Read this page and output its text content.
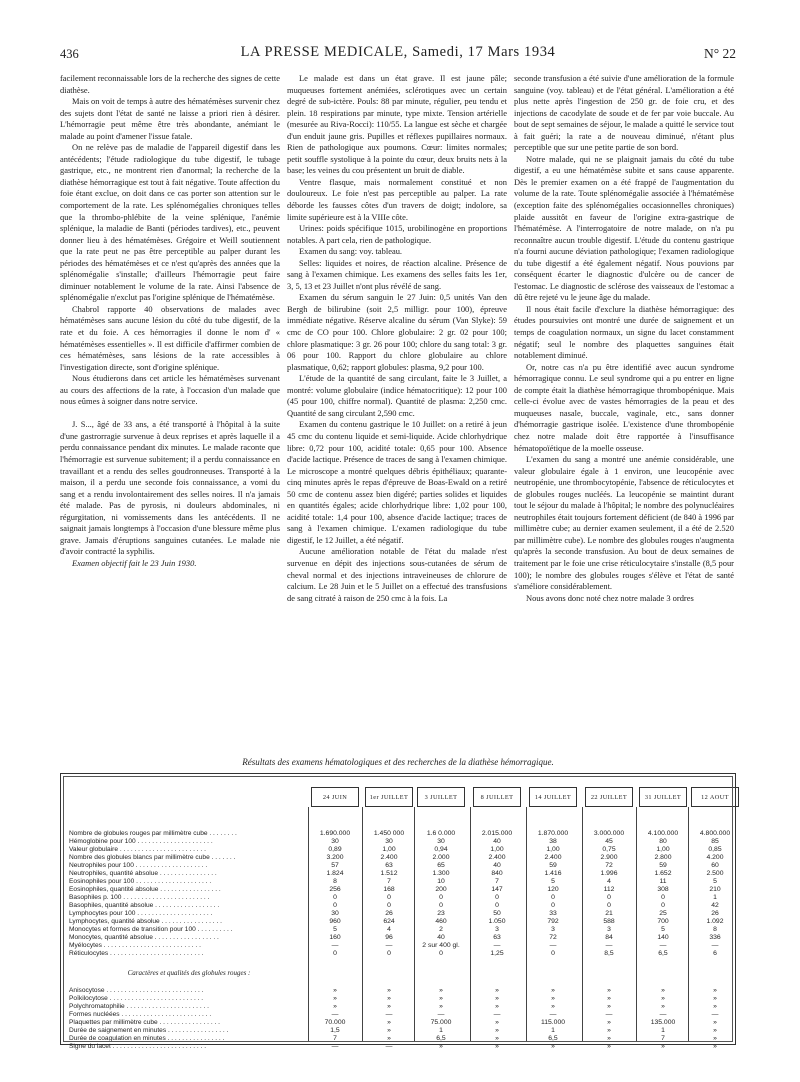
436	LA PRESSE MEDICALE, Samedi, 17 Mars 1934	N° 22

facilement reconnaissable lors de la recherche des signes de cette diathèse.

Mais on voit de temps à autre des hématémèses survenir chez des sujets dont l'état de santé ne laisse a priori rien à désirer. L'hémorragie peut même être très abondante, anémiant le malade au point d'amener l'issue fatale.

On ne relève pas de maladie de l'appareil digestif dans les antécédents; l'étude radiologique du tube digestif, le tubage gastrique, etc., ne montrent rien d'anormal; la recherche de la diathèse hémorragique est tout à fait négative. Toute affection du foie étant exclue, on doit dans ce cas porter son attention sur le comportement de la rate. Les splénomégalies chroniques telles que la thrombo-phlébite de la veine splénique, l'anémie splénique, la maladie de Banti (périodes tardives), etc., peuvent donner lieu à des hématémèses. Grégoire et Weill soutiennent que la rate peut ne pas être perceptible au palper durant les périodes des hématémèses et ce n'est qu'après des années que la splénomégalie s'installe; d'ailleurs l'hémorragie peut faire diminuer notablement le volume de la rate. Ainsi l'absence de splénomégalie n'exclut pas l'origine splénique de l'hématémèse.

Chabrol rapporte 40 observations de malades avec hématémèses sans aucune lésion du côté du tube digestif, de la rate et du foie. A ces hémorragies il donne le nom d' « hématémèses essentielles ». Il est difficile d'affirmer combien de ces hématémèses, sans lésions de la rate accessibles à l'investigation directe, sont d'origine splénique.

Nous étudierons dans cet article les hématémèses survenant au cours des affections de la rate, à l'occasion d'un malade que nous eûmes à soigner dans notre service.

J. S..., âgé de 33 ans, a été transporté à l'hôpital à la suite d'une gastrorragie survenue à deux reprises et après laquelle il a perdu connaissance pendant dix minutes. Le malade raconte que l'hémorragie est survenue subitement; il a perdu connaissance en travaillant et a rendu des selles goudronneuses. Transporté à la maison, il a perdu une seconde fois connaissance, a vomi du sang et a rendu involontairement des selles noires. Il n'a jamais été malade. Pas de pyrosis, ni douleurs abdominales, ni régurgitation, ni vomissements dans les antécédents. Il ne saignait jamais longtemps à l'occasion d'une blessure même plus grave. Jamais d'éruptions sanguines cutanées. Le malade nie d'avoir contracté la syphilis.

Examen objectif fait le 23 Juin 1930.

Le malade est dans un état grave. Il est jaune pâle; muqueuses fortement anémiées, sclérotiques avec un certain degré de sub-ictère. Pouls: 88 par minute, régulier, peu tendu et plein. 18 respirations par minute, type mixte. Tension artérielle (mesurée au Riva-Rocci): 110/55. La langue est sèche et chargée d'un enduit jaune gris. Pupilles et réflexes pupillaires normaux. Rien de pathologique aux poumons. Cœur: limites normales; petit souffle systolique à la pointe du cœur, deux bruits nets à la base; les veines du cou présentent un bruit de diable.

Ventre flasque, mais normalement constitué et non douloureux. Le foie n'est pas perceptible au palper. La rate déborde les fausses côtes d'un travers de doigt; indolore, sa limite supérieure est à la VIIIe côte.

Urines: poids spécifique 1015, urobilinogène en proportions notables. A part cela, rien de pathologique.

Examen du sang: voy. tableau.

Selles: liquides et noires, de réaction alcaline. Présence de sang à l'examen chimique. Les examens des selles faits les 1er, 3, 5, 13 et 23 Juillet n'ont plus révélé de sang.

Examen du sérum sanguin le 27 Juin: 0,5 unités Van den Bergh de bilirubine (soit 2,5 milligr. pour 100), épreuve immédiate négative. Réserve alcaline du sérum (Van Slyke): 59 cmc de CO pour 100. Chlore globulaire: 2 gr. 02 pour 100; chlore plasmatique: 3 gr. 26 pour 100; chlore du sang total: 3 gr. 06 pour 100. Rapport du chlore globulaire au chlore plasmatique, 0,62; rapport globules: plasma, 9,2 pour 100.

L'étude de la quantité de sang circulant, faite le 3 Juillet, a montré: volume globulaire (indice hématocritique): 12 pour 100 (45 pour 100, chiffre normal). Quantité de plasma: 2,250 cmc. Quantité de sang circulant 2,590 cmc.

Examen du contenu gastrique le 10 Juillet: on a retiré à jeun 45 cmc du contenu liquide et semi-liquide. Acide chlorhydrique libre: 0,72 pour 100, acidité totale: 0,65 pour 100. Absence d'acide lactique. Présence de traces de sang à l'examen chimique. Le microscope a montré quelques débris épithéliaux; quarante-cinq minutes après le repas d'épreuve de Boas-Ewald on a retiré 50 cmc de contenu assez bien digéré; parties solides et liquides en quantités égales; acide chlorhydrique libre: 1,02 pour 100, acidité totale: 1,4 pour 100, absence d'acide lactique; traces de sang à l'examen chimique. L'examen radiologique du tube digestif, le 12 Juillet, a été négatif.

Aucune amélioration notable de l'état du malade n'est survenue en dépit des injections sous-cutanées de sérum de cheval normal et des injections intraveineuses de chlorure de calcium. Le 28 Juin et le 5 Juillet on a effectué des transfusions de sang citraté à raison de 250 cmc à la fois. La

seconde transfusion a été suivie d'une amélioration de la formule sanguine (voy. tableau) et de l'état général. L'amélioration a été plus nette après l'ingestion de 250 gr. de foie cru, et des injections de cacodylate de soude et de fer par voie buccale. Au bout de sept semaines de séjour, le malade a quitté le service tout à fait guéri; la rate a de nouveau diminué, n'étant plus perceptible que sur une petite partie de son bord.

Notre malade, qui ne se plaignait jamais du côté du tube digestif, a eu une hématémèse subite et sans cause apparente. Dès le premier examen on a été frappé de l'augmentation du volume de la rate. Toute splénomégalie associée à l'hématémèse (exception faite des splénomégalies occasionnelles chroniques) plaide aussitôt en faveur de l'origine extra-gastrique de l'hématémèse. A l'interrogatoire de notre malade, on n'a pu reconnaître aucun trouble digestif. L'étude du contenu gastrique n'a fourni aucune déviation pathologique; l'examen radiologique du tube digestif a été également négatif. Nous pouvions par conséquent écarter le diagnostic d'ulcère ou de cancer de l'estomac. Le diagnostic de sclérose des vaisseaux de l'estomac a dû être rejeté vu le jeune âge du malade.

Il nous était facile d'exclure la diathèse hémorragique: des études poursuivies ont montré une durée de saignement et un temps de coagulation normaux, un signe du lacet constamment négatif; seul le nombre des plaquettes sanguines était notablement diminué.

Or, notre cas n'a pu être identifié avec aucun syndrome hémorragique connu. Le seul syndrome qui a pu entrer en ligne de compte était la diathèse hémorragique thrombopénique. Mais celle-ci évolue avec de vastes hémorragies de la peau et des muqueuses nasale, buccale, vaginale, etc., sans donner d'hémorragie gastrique isolée. L'existence d'une thrombopénie chez notre malade doit être rapportée à l'insuffisance hématopoïétique de la moelle osseuse.

L'examen du sang a montré une anémie considérable, une valeur globulaire égale à 1 environ, une leucopénie avec neutropénie, une thrombocytopénie, l'absence de réticulocytes et de globules rouges nucléés. La leucopénie se maintint durant tout le séjour du malade à l'hôpital; le nombre des polynucléaires neutrophiles était toujours fortement déficient (de 840 à 1996 par millimètre cube; au dernier examen seulement, il a été de 2.520 par millimètre cube). Le nombre des globules rouges n'augmenta qu'après la seconde transfusion. Au bout de deux semaines de traitement par le foie une crise réticulocytaire s'installe (8,5 pour 100); le nombre des globules rouges s'élève et l'état de santé s'améliore considérablement.

Nous avons donc noté chez notre malade 3 ordres

Résultats des examens hématologiques et des recherches de la diathèse hémorragique.
24 JUIN	1er JUILLET	3 JUILLET	8 JUILLET	14 JUILLET	22 JUILLET	31 JUILLET	12 AOUT
Nombre de globules rouges par millimètre cube . . . . . . . .	1.690.000	1.450 000	1.6 0.000	2.015.000	1.870.000	3.000.000	4.100.000	4.800.000
Hémoglobine pour 100 . . . . . . . . . . . . . . . . . . . . .	30	30	30	40	38	45	80	85
Valeur globulaire . . . . . . . . . . . . . . . . . . . . . . . .	0,89	1,00	0,94	1,00	1,00	0,75	1,00	0,85
Nombre des globules blancs par millimètre cube . . . . . . .	3.200	2.400	2.000	2.400	2.400	2.900	2.800	4.200
Neutrophiles pour 100 . . . . . . . . . . . . . . . . . . . .	57	63	65	40	59	72	59	60
Neutrophiles, quantité absolue . . . . . . . . . . . . . . . .	1.824	1.512	1.300	840	1.416	1.996	1.652	2.500
Eosinophiles pour 100 . . . . . . . . . . . . . . . . . . . . .	8	7	10	7	5	4	11	5
Eosinophiles, quantité absolue . . . . . . . . . . . . . . . . .	256	168	200	147	120	112	308	210
Basophiles p. 100 . . . . . . . . . . . . . . . . . . . . . . . .	0	0	0	0	0	0	0	1
Basophiles, quantité absolue . . . . . . . . . . . . . . . . . .	0	0	0	0	0	0	0	42
Lymphocytes pour 100 . . . . . . . . . . . . . . . . . . . . .	30	26	23	50	33	21	25	26
Lymphocytes, quantité absolue . . . . . . . . . . . . . . . . .	960	624	460	1.050	792	588	700	1.092
Monocytes et formes de transition pour 100 . . . . . . . . . .	5	4	2	3	3	3	5	8
Monocytes, quantité absolue . . . . . . . . . . . . . . . . . .	160	96	40	63	72	84	140	336
Myélocytes . . . . . . . . . . . . . . . . . . . . . . . . . . .	—	—	2 sur 400 gl.	—	—	—	—	—
Réticulocytes . . . . . . . . . . . . . . . . . . . . . . . . . .	0	0	0	1,25	0	8,5	6,5	6
Caractères et qualités des globules rouges :
Anisocytose . . . . . . . . . . . . . . . . . . . . . . . . . . .	»	»	»	»	»	»	»	»
Poïkilocytose . . . . . . . . . . . . . . . . . . . . . . . . . .	»	»	»	»	»	»	»	»
Polychromatophilie . . . . . . . . . . . . . . . . . . . . . . .	»	»	»	»	»	»	»	»
Formes nucléées . . . . . . . . . . . . . . . . . . . . . . . . .	—	—	—	—	—	—	—	—
Plaquettes par millimètre cube . . . . . . . . . . . . . . . . .	70.000	»	75.000	»	115.000	»	135.000	»
Durée de saignement en minutes . . . . . . . . . . . . . . . . .	1,5	»	1	»	1	»	1	»
Durée de coagulation en minutes . . . . . . . . . . . . . . . .	7	»	6,5	»	6,5	»	7	»
Signe du lacet . . . . . . . . . . . . . . . . . . . . . . . . . .	—	—	»	»	»	»	»	»
